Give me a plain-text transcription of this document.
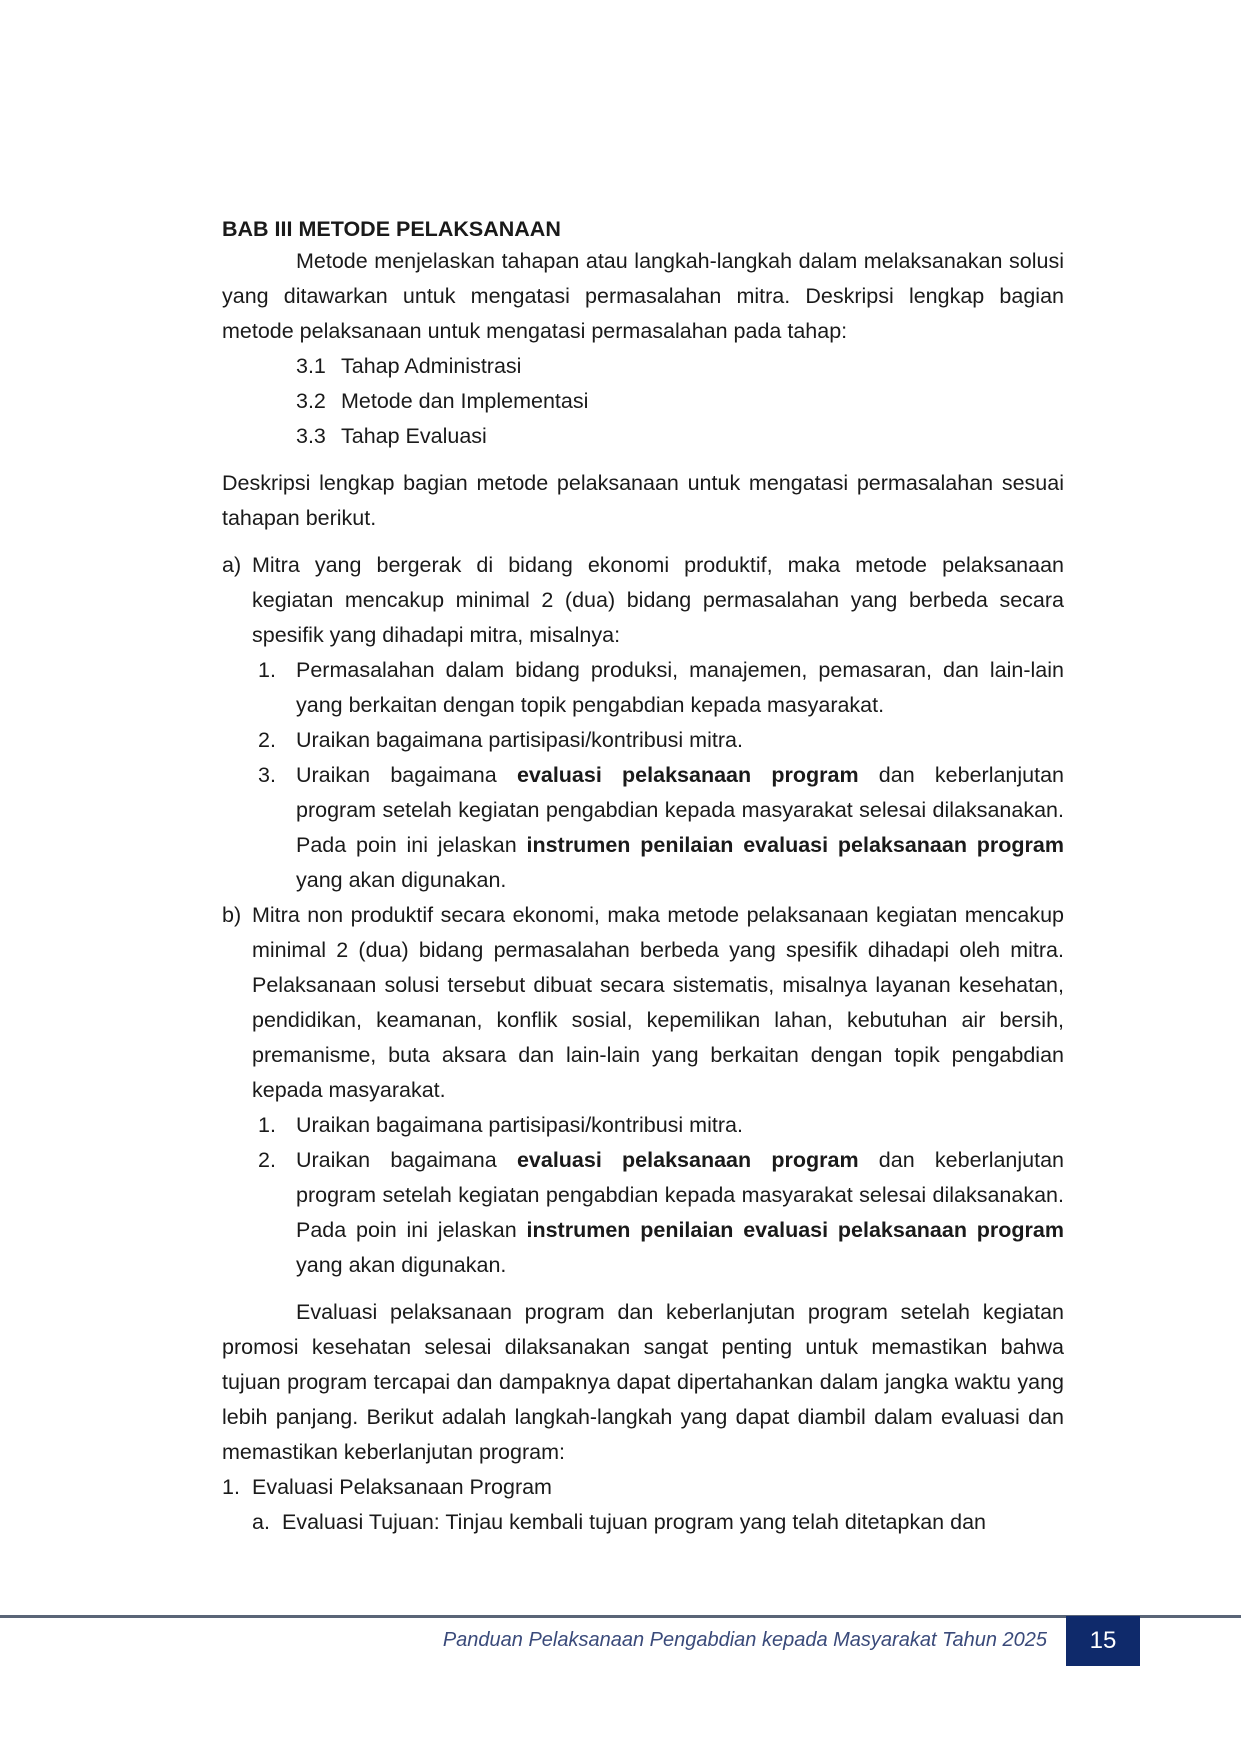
BAB III METODE PELAKSANAAN

Metode menjelaskan tahapan atau langkah-langkah dalam melaksanakan solusi yang ditawarkan untuk mengatasi permasalahan mitra. Deskripsi lengkap bagian metode pelaksanaan untuk mengatasi permasalahan pada tahap:

3.1 Tahap Administrasi
3.2 Metode dan Implementasi
3.3 Tahap Evaluasi

Deskripsi lengkap bagian metode pelaksanaan untuk mengatasi permasalahan sesuai tahapan berikut.

a) Mitra yang bergerak di bidang ekonomi produktif, maka metode pelaksanaan kegiatan mencakup minimal 2 (dua) bidang permasalahan yang berbeda secara spesifik yang dihadapi mitra, misalnya:
1. Permasalahan dalam bidang produksi, manajemen, pemasaran, dan lain-lain yang berkaitan dengan topik pengabdian kepada masyarakat.
2. Uraikan bagaimana partisipasi/kontribusi mitra.
3. Uraikan bagaimana evaluasi pelaksanaan program dan keberlanjutan program setelah kegiatan pengabdian kepada masyarakat selesai dilaksanakan. Pada poin ini jelaskan instrumen penilaian evaluasi pelaksanaan program yang akan digunakan.
b) Mitra non produktif secara ekonomi, maka metode pelaksanaan kegiatan mencakup minimal 2 (dua) bidang permasalahan berbeda yang spesifik dihadapi oleh mitra. Pelaksanaan solusi tersebut dibuat secara sistematis, misalnya layanan kesehatan, pendidikan, keamanan, konflik sosial, kepemilikan lahan, kebutuhan air bersih, premanisme, buta aksara dan lain-lain yang berkaitan dengan topik pengabdian kepada masyarakat.
1. Uraikan bagaimana partisipasi/kontribusi mitra.
2. Uraikan bagaimana evaluasi pelaksanaan program dan keberlanjutan program setelah kegiatan pengabdian kepada masyarakat selesai dilaksanakan. Pada poin ini jelaskan instrumen penilaian evaluasi pelaksanaan program yang akan digunakan.

Evaluasi pelaksanaan program dan keberlanjutan program setelah kegiatan promosi kesehatan selesai dilaksanakan sangat penting untuk memastikan bahwa tujuan program tercapai dan dampaknya dapat dipertahankan dalam jangka waktu yang lebih panjang. Berikut adalah langkah-langkah yang dapat diambil dalam evaluasi dan memastikan keberlanjutan program:

1. Evaluasi Pelaksanaan Program
a. Evaluasi Tujuan: Tinjau kembali tujuan program yang telah ditetapkan dan
Panduan Pelaksanaan Pengabdian kepada Masyarakat Tahun 2025	15
